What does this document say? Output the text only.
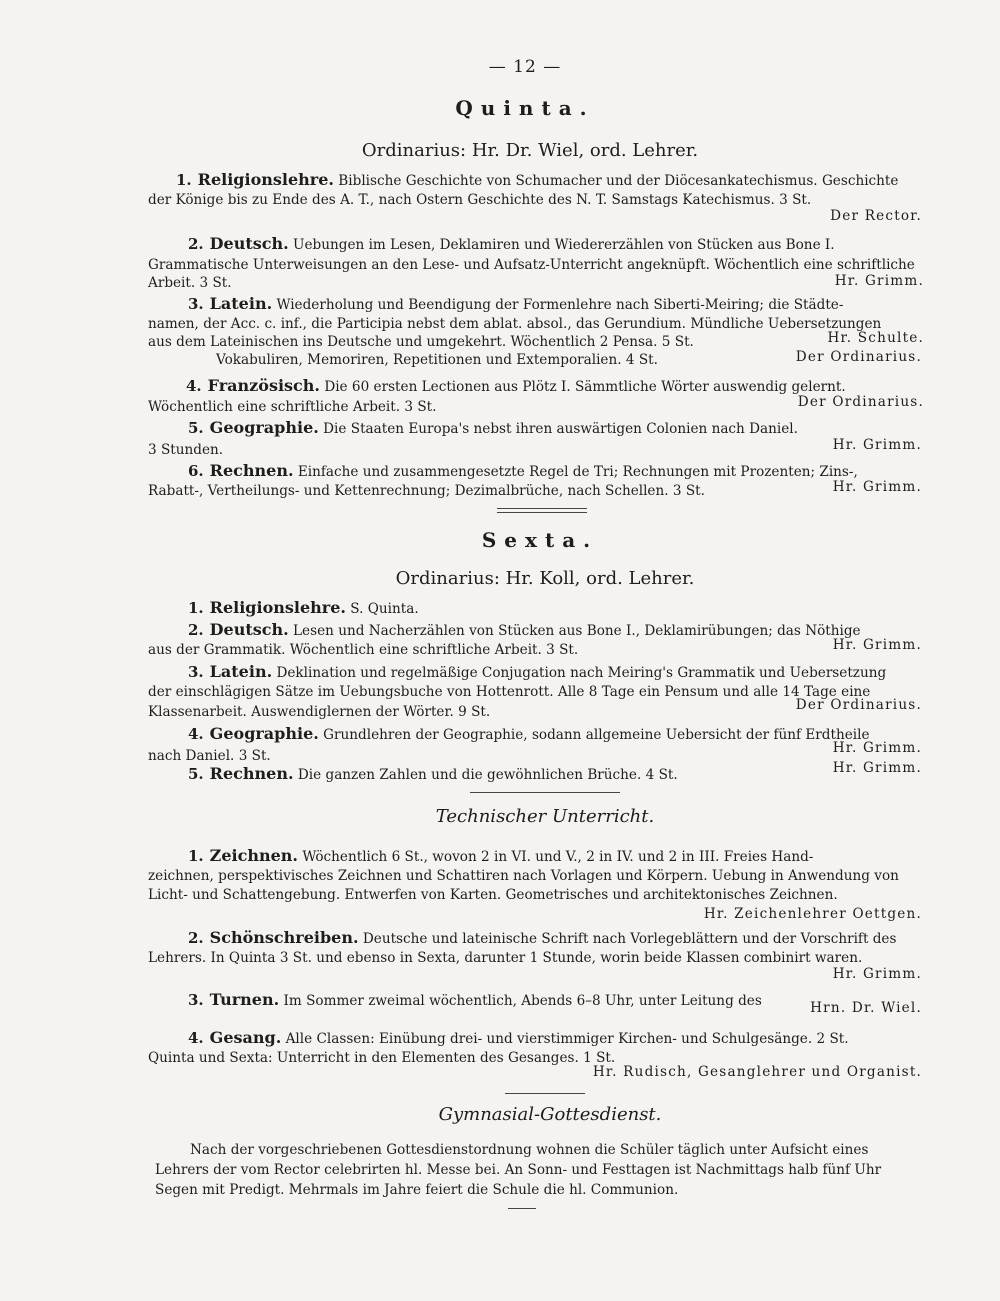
— 12 —
Quinta.
Ordinarius: Hr. Dr. Wiel, ord. Lehrer.
1. Religionslehre. Biblische Geschichte von Schumacher und der Diöcesankatechismus. Geschichte
der Könige bis zu Ende des A. T., nach Ostern Geschichte des N. T. Samstags Katechismus. 3 St.
Der Rector.
2. Deutsch. Uebungen im Lesen, Deklamiren und Wiedererzählen von Stücken aus Bone I.
Grammatische Unterweisungen an den Lese- und Aufsatz-Unterricht angeknüpft. Wöchentlich eine schriftliche
Arbeit. 3 St.	Hr. Grimm.
3. Latein. Wiederholung und Beendigung der Formenlehre nach Siberti-Meiring; die Städte-
namen, der Acc. c. inf., die Participia nebst dem ablat. absol., das Gerundium. Mündliche Uebersetzungen
aus dem Lateinischen ins Deutsche und umgekehrt. Wöchentlich 2 Pensa. 5 St.	Hr. Schulte.
Vokabuliren, Memoriren, Repetitionen und Extemporalien. 4 St.	Der Ordinarius.
4. Französisch. Die 60 ersten Lectionen aus Plötz I. Sämmtliche Wörter auswendig gelernt.
Wöchentlich eine schriftliche Arbeit. 3 St.	Der Ordinarius.
5. Geographie. Die Staaten Europa's nebst ihren auswärtigen Colonien nach Daniel.
3 Stunden.	Hr. Grimm.
6. Rechnen. Einfache und zusammengesetzte Regel de Tri; Rechnungen mit Prozenten; Zins-,
Rabatt-, Vertheilungs- und Kettenrechnung; Dezimalbrüche, nach Schellen. 3 St.	Hr. Grimm.
Sexta.
Ordinarius: Hr. Koll, ord. Lehrer.
1. Religionslehre. S. Quinta.
2. Deutsch. Lesen und Nacherzählen von Stücken aus Bone I., Deklamirübungen; das Nöthige
aus der Grammatik. Wöchentlich eine schriftliche Arbeit. 3 St.	Hr. Grimm.
3. Latein. Deklination und regelmäßige Conjugation nach Meiring's Grammatik und Uebersetzung
der einschlägigen Sätze im Uebungsbuche von Hottenrott. Alle 8 Tage ein Pensum und alle 14 Tage eine
Klassenarbeit. Auswendiglernen der Wörter. 9 St.	Der Ordinarius.
4. Geographie. Grundlehren der Geographie, sodann allgemeine Uebersicht der fünf Erdtheile
nach Daniel. 3 St.	Hr. Grimm.
5. Rechnen. Die ganzen Zahlen und die gewöhnlichen Brüche. 4 St.	Hr. Grimm.
Technischer Unterricht.
1. Zeichnen. Wöchentlich 6 St., wovon 2 in VI. und V., 2 in IV. und 2 in III. Freies Hand-
zeichnen, perspektivisches Zeichnen und Schattiren nach Vorlagen und Körpern. Uebung in Anwendung von
Licht- und Schattengebung. Entwerfen von Karten. Geometrisches und architektonisches Zeichnen.
Hr. Zeichenlehrer Oettgen.
2. Schönschreiben. Deutsche und lateinische Schrift nach Vorlegeblättern und der Vorschrift des
Lehrers. In Quinta 3 St. und ebenso in Sexta, darunter 1 Stunde, worin beide Klassen combinirt waren.
Hr. Grimm.
3. Turnen. Im Sommer zweimal wöchentlich, Abends 6–8 Uhr, unter Leitung des	Hrn. Dr. Wiel.
4. Gesang. Alle Classen: Einübung drei- und vierstimmiger Kirchen- und Schulgesänge. 2 St.
Quinta und Sexta: Unterricht in den Elementen des Gesanges. 1 St.
Hr. Rudisch, Gesanglehrer und Organist.
Gymnasial-Gottesdienst.
Nach der vorgeschriebenen Gottesdienstordnung wohnen die Schüler täglich unter Aufsicht eines
Lehrers der vom Rector celebrirten hl. Messe bei. An Sonn- und Festtagen ist Nachmittags halb fünf Uhr
Segen mit Predigt. Mehrmals im Jahre feiert die Schule die hl. Communion.
